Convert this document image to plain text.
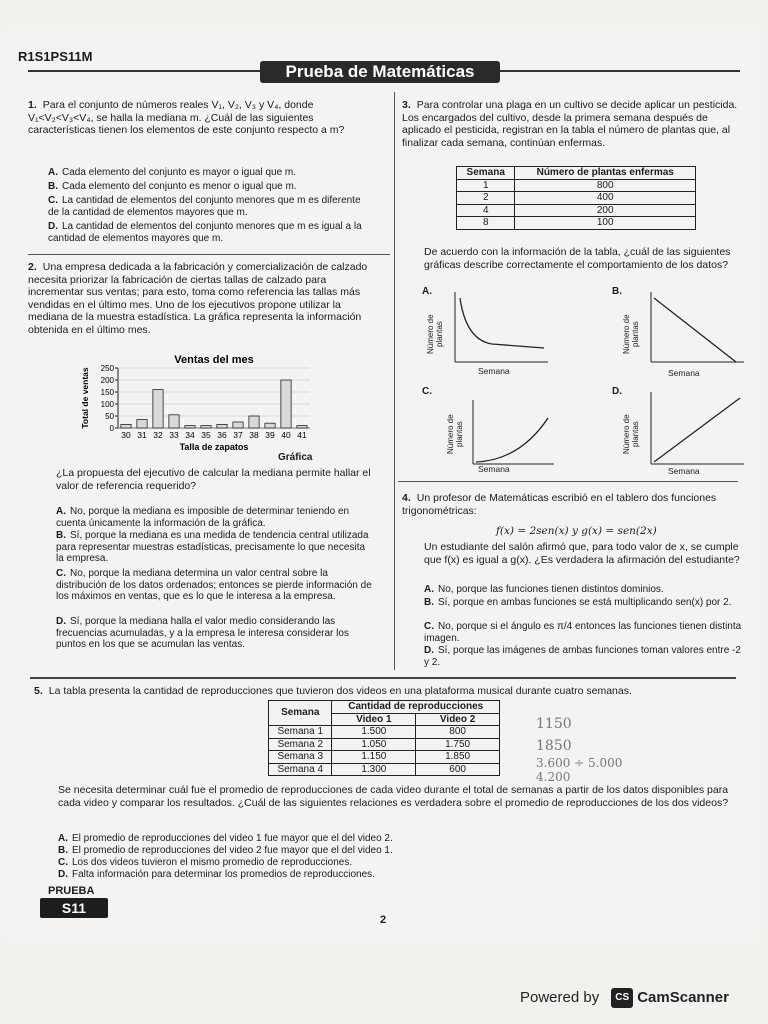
R1S1PS11M
Prueba de Matemáticas
1. Para el conjunto de números reales V₁, V₂, V₃ y V₄, donde V₁<V₂<V₃<V₄, se halla la mediana m. ¿Cuál de las siguientes características tienen los elementos de este conjunto respecto a m?
A. Cada elemento del conjunto es mayor o igual que m.
B. Cada elemento del conjunto es menor o igual que m.
C. La cantidad de elementos del conjunto menores que m es diferente de la cantidad de elementos mayores que m.
D. La cantidad de elementos del conjunto menores que m es igual a la cantidad de elementos mayores que m.
2. Una empresa dedicada a la fabricación y comercialización de calzado necesita priorizar la fabricación de ciertas tallas de calzado para incrementar sus ventas; para esto, toma como referencia las tallas más vendidas en el último mes. Uno de los ejecutivos propone utilizar la mediana de la muestra estadística. La gráfica representa la información obtenida en el último mes.
Ventas del mes
0
50
100
150
200
250
30 31 32 33 34 35 36 37 38 39 40 41
Talla de zapatos
Total de ventas
Gráfica
¿La propuesta del ejecutivo de calcular la mediana permite hallar el valor de referencia requerido?
A. No, porque la mediana es imposible de determinar teniendo en cuenta únicamente la información de la gráfica.
B. Sí, porque la mediana es una medida de tendencia central utilizada para representar muestras estadísticas, precisamente lo que necesita la empresa.
C. No, porque la mediana determina un valor central sobre la distribución de los datos ordenados; entonces se pierde información de los máximos en ventas, que es lo que le interesa a la empresa.
D. Sí, porque la mediana halla el valor medio considerando las frecuencias acumuladas, y a la empresa le interesa considerar los puntos en los que se acumulan las ventas.
3. Para controlar una plaga en un cultivo se decide aplicar un pesticida. Los encargados del cultivo, desde la primera semana después de aplicado el pesticida, registran en la tabla el número de plantas que, al finalizar cada semana, continúan enfermas.
Semana	Número de plantas enfermas
1	800
2	400
4	200
8	100
De acuerdo con la información de la tabla, ¿cuál de las siguientes gráficas describe correctamente el comportamiento de los datos?
A.
Número de plantas
Semana
B.
Número de plantas
Semana
C.
Número de plantas
Semana
D.
Número de plantas
Semana
4. Un profesor de Matemáticas escribió en el tablero dos funciones trigonométricas:
f(x) = 2sen(x) y g(x) = sen(2x)
Un estudiante del salón afirmó que, para todo valor de x, se cumple que f(x) es igual a g(x). ¿Es verdadera la afirmación del estudiante?
A. No, porque las funciones tienen distintos dominios.
B. Sí, porque en ambas funciones se está multiplicando sen(x) por 2.
C. No, porque si el ángulo es π/4 entonces las funciones tienen distinta imagen.
D. Sí, porque las imágenes de ambas funciones toman valores entre -2 y 2.
5. La tabla presenta la cantidad de reproducciones que tuvieron dos videos en una plataforma musical durante cuatro semanas.
Semana	Cantidad de reproducciones	
	Video 1	Video 2
Semana 1	1.500	800
Semana 2	1.050	1.750
Semana 3	1.150	1.850
Semana 4	1.300	600
1150
1850
3.600 ÷ 5.000
4.200
Se necesita determinar cuál fue el promedio de reproducciones de cada video durante el total de semanas a partir de los datos disponibles para cada video y comparar los resultados. ¿Cuál de las siguientes relaciones es verdadera sobre el promedio de reproducciones de los dos videos?
A. El promedio de reproducciones del video 1 fue mayor que el del video 2.
B. El promedio de reproducciones del video 2 fue mayor que el del video 1.
C. Los dos videos tuvieron el mismo promedio de reproducciones.
D. Falta información para determinar los promedios de reproducciones.
PRUEBA
S11
2
Powered by CS CamScanner
